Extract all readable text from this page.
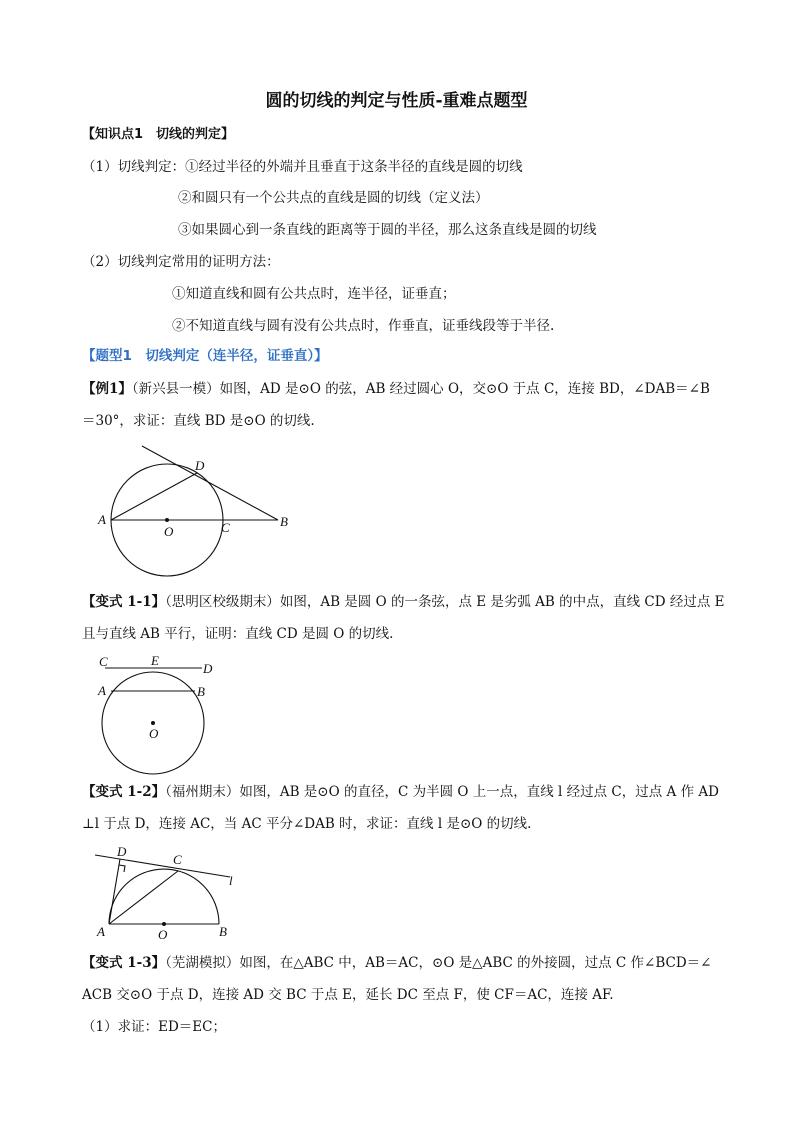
圆的切线的判定与性质-重难点题型
【知识点1　切线的判定】
（1）切线判定：①经过半径的外端并且垂直于这条半径的直线是圆的切线
②和圆只有一个公共点的直线是圆的切线（定义法）
③如果圆心到一条直线的距离等于圆的半径，那么这条直线是圆的切线
（2）切线判定常用的证明方法：
①知道直线和圆有公共点时，连半径，证垂直；
②不知道直线与圆有没有公共点时，作垂直，证垂线段等于半径.
【题型1　切线判定（连半径，证垂直）】
【例1】（新兴县一模）如图，AD 是⊙O 的弦，AB 经过圆心 O，交⊙O 于点 C，连接 BD，∠DAB＝∠B
＝30°，求证：直线 BD 是⊙O 的切线.
A	B
C
D
O
【变式 1-1】（思明区校级期末）如图，AB 是圆 O 的一条弦，点 E 是劣弧 AB 的中点，直线 CD 经过点 E
且与直线 AB 平行，证明：直线 CD 是圆 O 的切线.
C	E
D
A	B
O
【变式 1-2】（福州期末）如图，AB 是⊙O 的直径，C 为半圆 O 上一点，直线 l 经过点 C，过点 A 作 AD
⊥l 于点 D，连接 AC，当 AC 平分∠DAB 时，求证：直线 l 是⊙O 的切线.
D
C
l
A	O	B
【变式 1-3】（芜湖模拟）如图，在△ABC 中，AB＝AC，⊙O 是△ABC 的外接圆，过点 C 作∠BCD＝∠
ACB 交⊙O 于点 D，连接 AD 交 BC 于点 E，延长 DC 至点 F，使 CF＝AC，连接 AF.
（1）求证：ED＝EC；
